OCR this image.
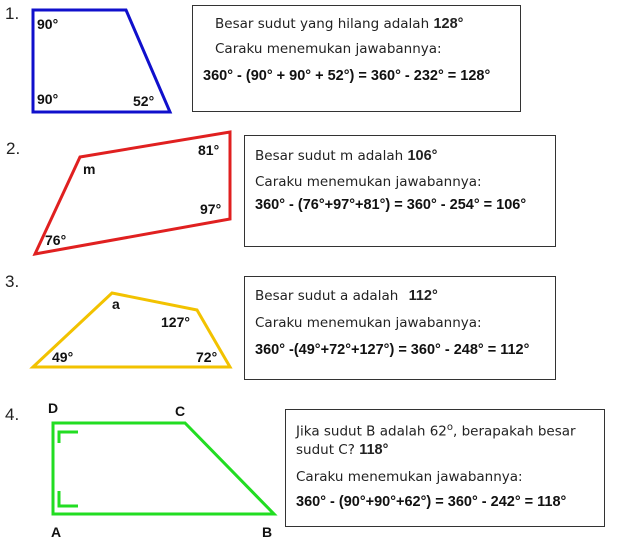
1.
2.
3.
4.
90°
90°	52°
81°
m
97°
76°
a
127°
49°	72°
D	C
A	B
Besar sudut yang hilang adalah 128°
Caraku menemukan jawabannya:
360° - (90° + 90° + 52°) = 360° - 232° = 128°
Besar sudut m adalah 106°
Caraku menemukan jawabannya:
360° - (76°+97°+81°) = 360° - 254° = 106°
Besar sudut a adalah 112°
Caraku menemukan jawabannya:
360° -(49°+72°+127°) = 360° - 248° = 112°
Jika sudut B adalah 62$^o$, berapakah besar
sudut C? 118°
Caraku menemukan jawabannya:
360° - (90°+90°+62°) = 360° - 242° = 118°
